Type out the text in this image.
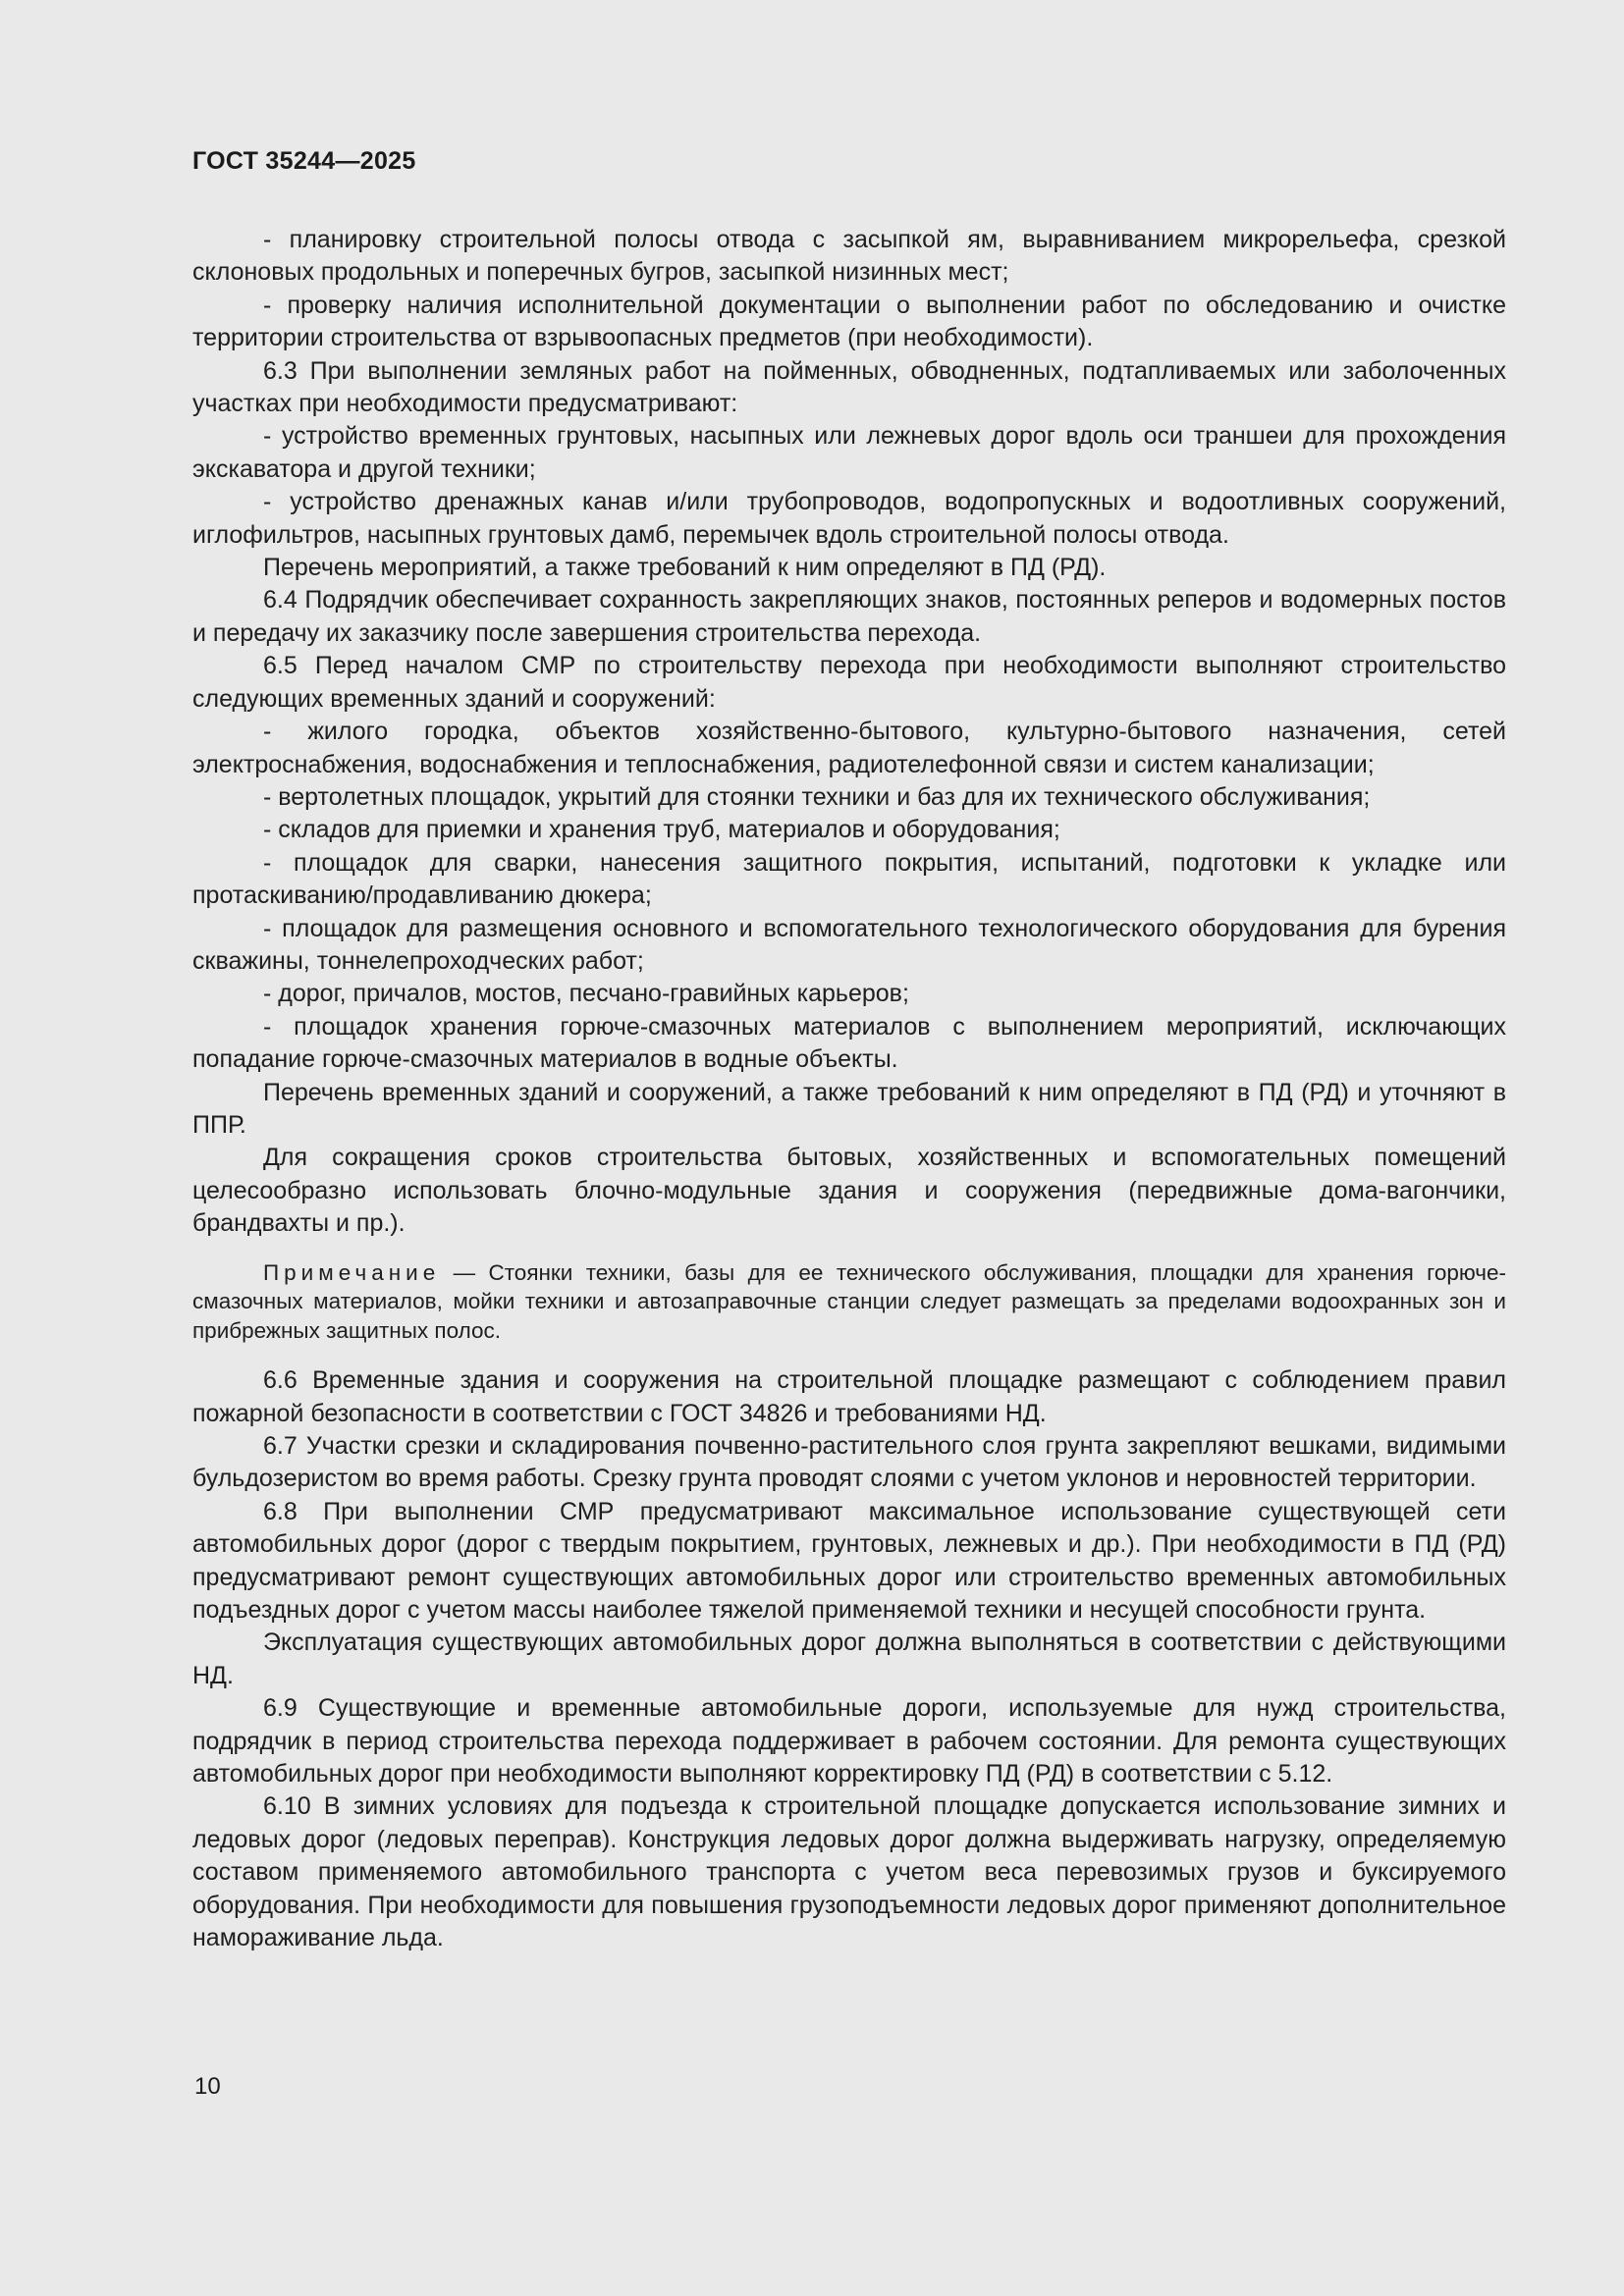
ГОСТ 35244—2025

- планировку строительной полосы отвода с засыпкой ям, выравниванием микрорельефа, срезкой склоновых продольных и поперечных бугров, засыпкой низинных мест;

- проверку наличия исполнительной документации о выполнении работ по обследованию и очистке территории строительства от взрывоопасных предметов (при необходимости).

6.3 При выполнении земляных работ на пойменных, обводненных, подтапливаемых или заболоченных участках при необходимости предусматривают:

- устройство временных грунтовых, насыпных или лежневых дорог вдоль оси траншеи для прохождения экскаватора и другой техники;

- устройство дренажных канав и/или трубопроводов, водопропускных и водоотливных сооружений, иглофильтров, насыпных грунтовых дамб, перемычек вдоль строительной полосы отвода.

Перечень мероприятий, а также требований к ним определяют в ПД (РД).

6.4 Подрядчик обеспечивает сохранность закрепляющих знаков, постоянных реперов и водомерных постов и передачу их заказчику после завершения строительства перехода.

6.5 Перед началом СМР по строительству перехода при необходимости выполняют строительство следующих временных зданий и сооружений:

- жилого городка, объектов хозяйственно-бытового, культурно-бытового назначения, сетей электроснабжения, водоснабжения и теплоснабжения, радиотелефонной связи и систем канализации;

- вертолетных площадок, укрытий для стоянки техники и баз для их технического обслуживания;

- складов для приемки и хранения труб, материалов и оборудования;

- площадок для сварки, нанесения защитного покрытия, испытаний, подготовки к укладке или протаскиванию/продавливанию дюкера;

- площадок для размещения основного и вспомогательного технологического оборудования для бурения скважины, тоннелепроходческих работ;

- дорог, причалов, мостов, песчано-гравийных карьеров;

- площадок хранения горюче-смазочных материалов с выполнением мероприятий, исключающих попадание горюче-смазочных материалов в водные объекты.

Перечень временных зданий и сооружений, а также требований к ним определяют в ПД (РД) и уточняют в ППР.

Для сокращения сроков строительства бытовых, хозяйственных и вспомогательных помещений целесообразно использовать блочно-модульные здания и сооружения (передвижные дома-вагончики, брандвахты и пр.).

Примечание — Стоянки техники, базы для ее технического обслуживания, площадки для хранения горюче-смазочных материалов, мойки техники и автозаправочные станции следует размещать за пределами водоохранных зон и прибрежных защитных полос.

6.6 Временные здания и сооружения на строительной площадке размещают с соблюдением правил пожарной безопасности в соответствии с ГОСТ 34826 и требованиями НД.

6.7 Участки срезки и складирования почвенно-растительного слоя грунта закрепляют вешками, видимыми бульдозеристом во время работы. Срезку грунта проводят слоями с учетом уклонов и неровностей территории.

6.8 При выполнении СМР предусматривают максимальное использование существующей сети автомобильных дорог (дорог с твердым покрытием, грунтовых, лежневых и др.). При необходимости в ПД (РД) предусматривают ремонт существующих автомобильных дорог или строительство временных автомобильных подъездных дорог с учетом массы наиболее тяжелой применяемой техники и несущей способности грунта.

Эксплуатация существующих автомобильных дорог должна выполняться в соответствии с действующими НД.

6.9 Существующие и временные автомобильные дороги, используемые для нужд строительства, подрядчик в период строительства перехода поддерживает в рабочем состоянии. Для ремонта существующих автомобильных дорог при необходимости выполняют корректировку ПД (РД) в соответствии с 5.12.

6.10 В зимних условиях для подъезда к строительной площадке допускается использование зимних и ледовых дорог (ледовых переправ). Конструкция ледовых дорог должна выдерживать нагрузку, определяемую составом применяемого автомобильного транспорта с учетом веса перевозимых грузов и буксируемого оборудования. При необходимости для повышения грузоподъемности ледовых дорог применяют дополнительное намораживание льда.

10
